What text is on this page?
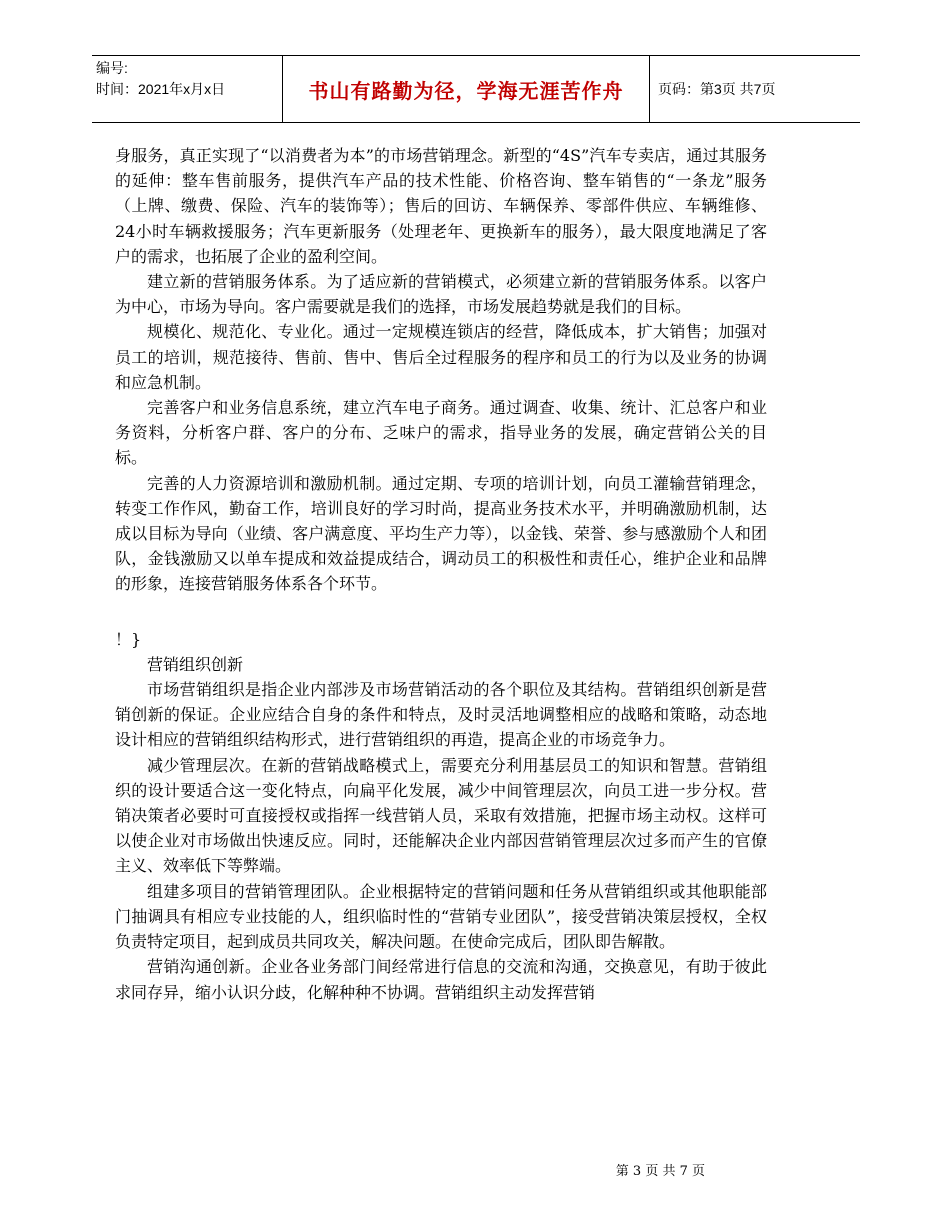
编号:
时间：2021年x月x日	书山有路勤为径，学海无涯苦作舟	页码：第3页 共7页

身服务，真正实现了“以消费者为本”的市场营销理念。新型的“4S”汽车专卖店，通过其服务的延伸：整车售前服务，提供汽车产品的技术性能、价格咨询、整车销售的“一条龙”服务（上牌、缴费、保险、汽车的装饰等）；售后的回访、车辆保养、零部件供应、车辆维修、24小时车辆救援服务；汽车更新服务（处理老年、更换新车的服务），最大限度地满足了客户的需求，也拓展了企业的盈利空间。

建立新的营销服务体系。为了适应新的营销模式，必须建立新的营销服务体系。以客户为中心，市场为导向。客户需要就是我们的选择，市场发展趋势就是我们的目标。

规模化、规范化、专业化。通过一定规模连锁店的经营，降低成本，扩大销售；加强对员工的培训，规范接待、售前、售中、售后全过程服务的程序和员工的行为以及业务的协调和应急机制。

完善客户和业务信息系统，建立汽车电子商务。通过调查、收集、统计、汇总客户和业务资料，分析客户群、客户的分布、乏味户的需求，指导业务的发展，确定营销公关的目标。

完善的人力资源培训和激励机制。通过定期、专项的培训计划，向员工灌输营销理念，转变工作作风，勤奋工作，培训良好的学习时尚，提高业务技术水平，并明确激励机制，达成以目标为导向（业绩、客户满意度、平均生产力等），以金钱、荣誉、参与感激励个人和团队，金钱激励又以单车提成和效益提成结合，调动员工的积极性和责任心，维护企业和品牌的形象，连接营销服务体系各个环节。

！}

营销组织创新

市场营销组织是指企业内部涉及市场营销活动的各个职位及其结构。营销组织创新是营销创新的保证。企业应结合自身的条件和特点，及时灵活地调整相应的战略和策略，动态地设计相应的营销组织结构形式，进行营销组织的再造，提高企业的市场竞争力。

减少管理层次。在新的营销战略模式上，需要充分利用基层员工的知识和智慧。营销组织的设计要适合这一变化特点，向扁平化发展，减少中间管理层次，向员工进一步分权。营销决策者必要时可直接授权或指挥一线营销人员，采取有效措施，把握市场主动权。这样可以使企业对市场做出快速反应。同时，还能解决企业内部因营销管理层次过多而产生的官僚主义、效率低下等弊端。

组建多项目的营销管理团队。企业根据特定的营销问题和任务从营销组织或其他职能部门抽调具有相应专业技能的人，组织临时性的“营销专业团队”，接受营销决策层授权，全权负责特定项目，起到成员共同攻关，解决问题。在使命完成后，团队即告解散。

营销沟通创新。企业各业务部门间经常进行信息的交流和沟通，交换意见，有助于彼此求同存异，缩小认识分歧，化解种种不协调。营销组织主动发挥营销

第 3 页 共 7 页
